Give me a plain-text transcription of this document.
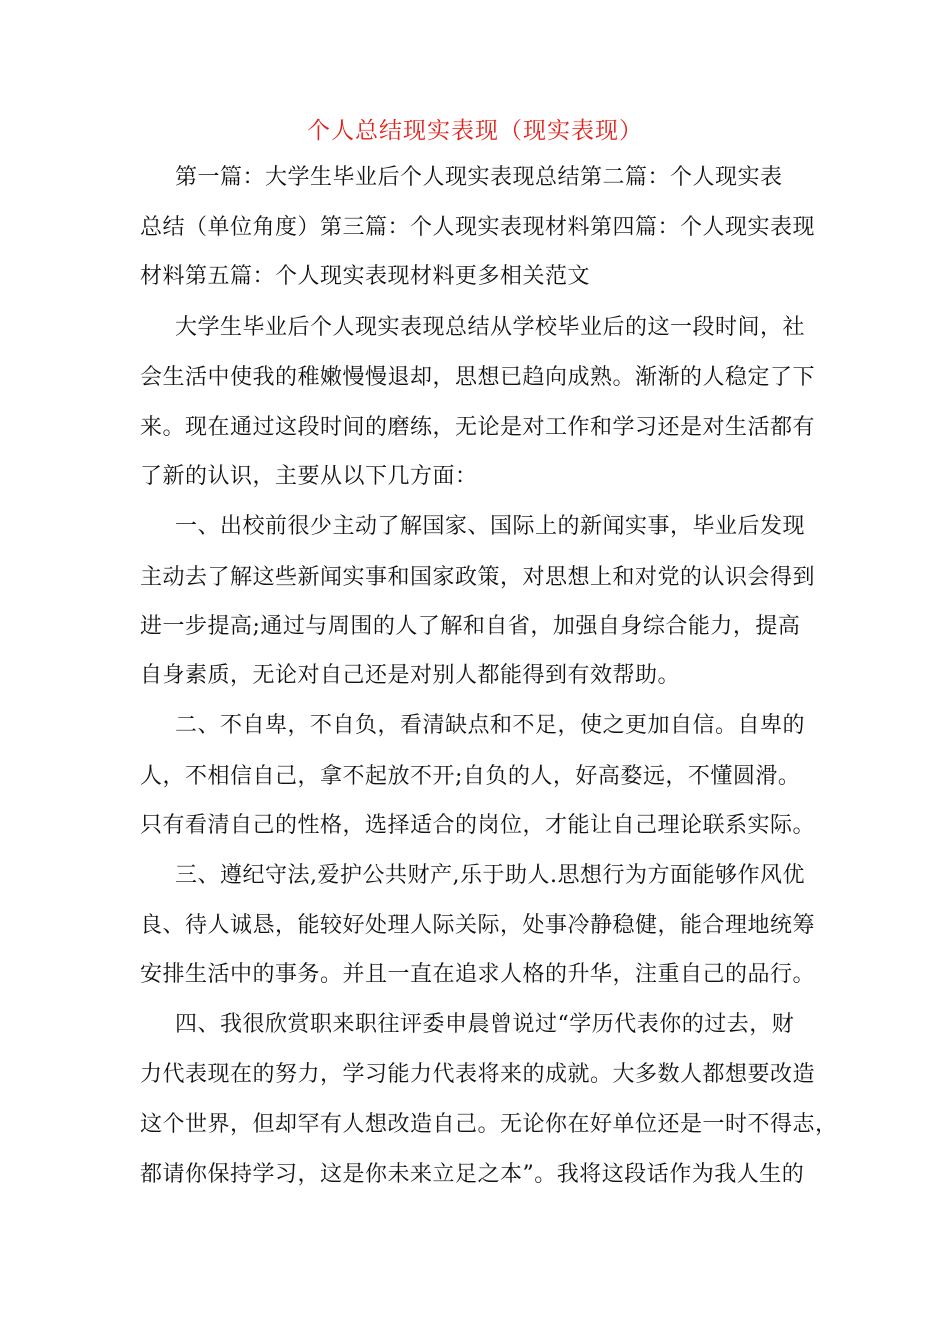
个人总结现实表现（现实表现）
第一篇：大学生毕业后个人现实表现总结第二篇：个人现实表
总结（单位角度）第三篇：个人现实表现材料第四篇：个人现实表现
材料第五篇：个人现实表现材料更多相关范文
大学生毕业后个人现实表现总结从学校毕业后的这一段时间，社
会生活中使我的稚嫩慢慢退却，思想已趋向成熟。渐渐的人稳定了下
来。现在通过这段时间的磨练，无论是对工作和学习还是对生活都有
了新的认识，主要从以下几方面：
一、出校前很少主动了解国家、国际上的新闻实事，毕业后发现
主动去了解这些新闻实事和国家政策，对思想上和对党的认识会得到
进一步提高;通过与周围的人了解和自省，加强自身综合能力，提高
自身素质，无论对自己还是对别人都能得到有效帮助。
二、不自卑，不自负，看清缺点和不足，使之更加自信。自卑的
人，不相信自己，拿不起放不开;自负的人，好高婺远，不懂圆滑。
只有看清自己的性格，选择适合的岗位，才能让自己理论联系实际。
三、遵纪守法,爱护公共财产,乐于助人.思想行为方面能够作风优
良、待人诚恳，能较好处理人际关际，处事冷静稳健，能合理地统筹
安排生活中的事务。并且一直在追求人格的升华，注重自己的品行。
四、我很欣赏职来职往评委申晨曾说过“学历代表你的过去，财
力代表现在的努力，学习能力代表将来的成就。大多数人都想要改造
这个世界，但却罕有人想改造自己。无论你在好单位还是一时不得志，
都请你保持学习，这是你未来立足之本”。我将这段话作为我人生的
